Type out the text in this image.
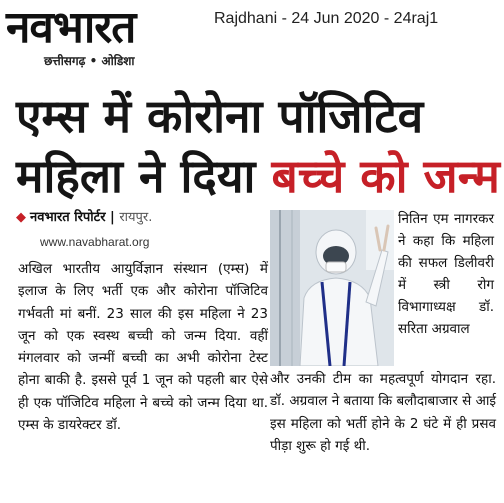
नवभारत
छत्तीसगढ़ • ओडिशा
Rajdhani - 24 Jun 2020 - 24raj1
एम्स में कोरोना पॉजिटिव
महिला ने दिया बच्चे को जन्म
◆ नवभारत रिपोर्टर | रायपुर.
www.navabharat.org

अखिल भारतीय आयुर्विज्ञान संस्थान (एम्स) में इलाज के लिए भर्ती एक और कोरोना पॉजिटिव गर्भवती मां बनीं. 23 साल की इस महिला ने 23 जून को एक स्वस्थ बच्ची को जन्म दिया. वहीं मंगलवार को जन्मीं बच्ची का अभी कोरोना टेस्ट होना बाकी है. इससे पूर्व 1 जून को पहली बार ऐसे ही एक पॉजिटिव महिला ने बच्चे को जन्म दिया था. एम्स के डायरेक्टर डॉ.

नितिन एम नागरकर ने कहा कि महिला की सफल डिलीवरी में स्त्री रोग विभागाध्यक्ष डॉ. सरिता अग्रवाल

और उनकी टीम का महत्वपूर्ण योगदान रहा. डॉ. अग्रवाल ने बताया कि बलौदाबाजार से आई इस महिला को भर्ती होने के 2 घंटे में ही प्रसव पीड़ा शुरू हो गई थी.
